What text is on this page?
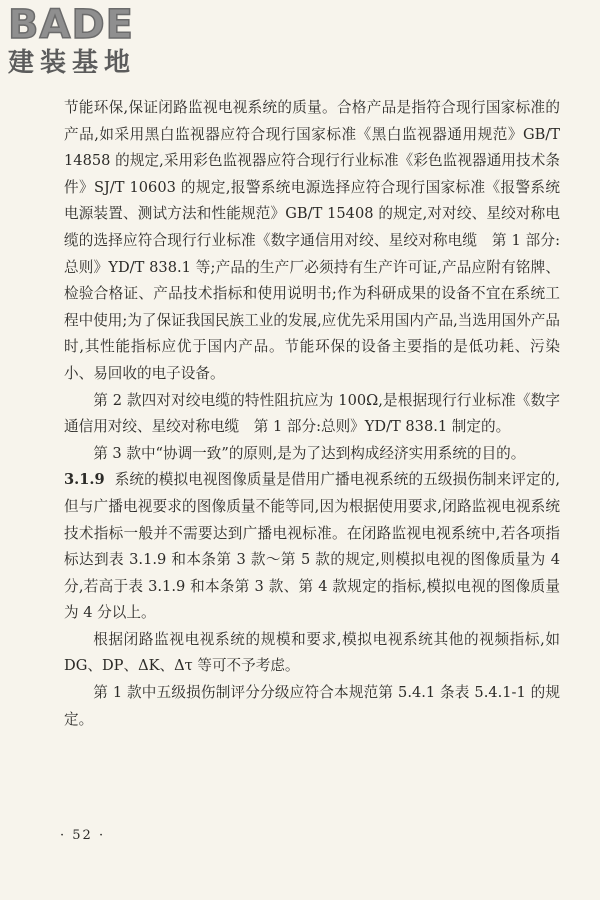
BADE
建装基地

节能环保,保证闭路监视电视系统的质量。合格产品是指符合现行国家标准的产品,如采用黑白监视器应符合现行国家标准《黑白监视器通用规范》GB/T 14858 的规定,采用彩色监视器应符合现行行业标准《彩色监视器通用技术条件》SJ/T 10603 的规定,报警系统电源选择应符合现行国家标准《报警系统电源装置、测试方法和性能规范》GB/T 15408 的规定,对对绞、星绞对称电缆的选择应符合现行行业标准《数字通信用对绞、星绞对称电缆　第 1 部分:总则》YD/T 838.1 等;产品的生产厂必须持有生产许可证,产品应附有铭牌、检验合格证、产品技术指标和使用说明书;作为科研成果的设备不宜在系统工程中使用;为了保证我国民族工业的发展,应优先采用国内产品,当选用国外产品时,其性能指标应优于国内产品。节能环保的设备主要指的是低功耗、污染小、易回收的电子设备。

第 2 款四对对绞电缆的特性阻抗应为 100Ω,是根据现行行业标准《数字通信用对绞、星绞对称电缆　第 1 部分:总则》YD/T 838.1 制定的。

第 3 款中“协调一致”的原则,是为了达到构成经济实用系统的目的。

3.1.9 系统的模拟电视图像质量是借用广播电视系统的五级损伤制来评定的,但与广播电视要求的图像质量不能等同,因为根据使用要求,闭路监视电视系统技术指标一般并不需要达到广播电视标准。在闭路监视电视系统中,若各项指标达到表 3.1.9 和本条第 3 款～第 5 款的规定,则模拟电视的图像质量为 4 分,若高于表 3.1.9 和本条第 3 款、第 4 款规定的指标,模拟电视的图像质量为 4 分以上。

根据闭路监视电视系统的规模和要求,模拟电视系统其他的视频指标,如 DG、DP、ΔK、Δτ 等可不予考虑。

第 1 款中五级损伤制评分分级应符合本规范第 5.4.1 条表 5.4.1-1 的规定。

· 52 ·
